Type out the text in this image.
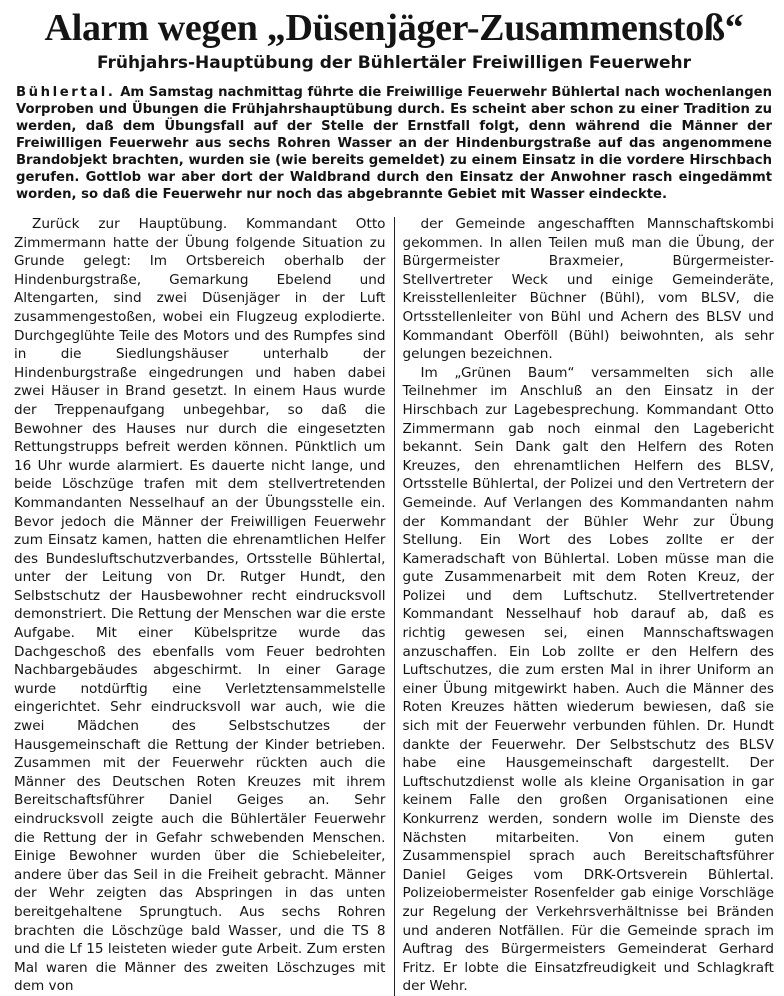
Alarm wegen „Düsenjäger-Zusammenstoß“
Frühjahrs-Hauptübung der Bühlertäler Freiwilligen Feuerwehr
Bühlertal. Am Samstag nachmittag führte die Freiwillige Feuerwehr Bühlertal nach wochenlangen Vorproben und Übungen die Frühjahrshauptübung durch. Es scheint aber schon zu einer Tradition zu werden, daß dem Übungsfall auf der Stelle der Ernstfall folgt, denn während die Männer der Freiwilligen Feuerwehr aus sechs Rohren Wasser an der Hindenburgstraße auf das angenommene Brandobjekt brachten, wurden sie (wie bereits gemeldet) zu einem Einsatz in die vordere Hirschbach gerufen. Gottlob war aber dort der Waldbrand durch den Einsatz der Anwohner rasch eingedämmt worden, so daß die Feuerwehr nur noch das abgebrannte Gebiet mit Wasser eindeckte.

Zurück zur Hauptübung. Kommandant Otto Zimmermann hatte der Übung folgende Situation zu Grunde gelegt: Im Ortsbereich oberhalb der Hindenburgstraße, Gemarkung Ebelend und Altengarten, sind zwei Düsenjäger in der Luft zusammengestoßen, wobei ein Flugzeug explodierte. Durchgeglühte Teile des Motors und des Rumpfes sind in die Siedlungshäuser unterhalb der Hindenburgstraße eingedrungen und haben dabei zwei Häuser in Brand gesetzt. In einem Haus wurde der Treppenaufgang unbegehbar, so daß die Bewohner des Hauses nur durch die eingesetzten Rettungstrupps befreit werden können. Pünktlich um 16 Uhr wurde alarmiert. Es dauerte nicht lange, und beide Löschzüge trafen mit dem stellvertretenden Kommandanten Nesselhauf an der Übungsstelle ein. Bevor jedoch die Männer der Freiwilligen Feuerwehr zum Einsatz kamen, hatten die ehrenamtlichen Helfer des Bundesluftschutzverbandes, Ortsstelle Bühlertal, unter der Leitung von Dr. Rutger Hundt, den Selbstschutz der Hausbewohner recht eindrucksvoll demonstriert. Die Rettung der Menschen war die erste Aufgabe. Mit einer Kübelspritze wurde das Dachgeschoß des ebenfalls vom Feuer bedrohten Nachbargebäudes abgeschirmt. In einer Garage wurde notdürftig eine Verletztensammelstelle eingerichtet. Sehr eindrucksvoll war auch, wie die zwei Mädchen des Selbstschutzes der Hausgemeinschaft die Rettung der Kinder betrieben. Zusammen mit der Feuerwehr rückten auch die Männer des Deutschen Roten Kreuzes mit ihrem Bereitschaftsführer Daniel Geiges an. Sehr eindrucksvoll zeigte auch die Bühlertäler Feuerwehr die Rettung der in Gefahr schwebenden Menschen. Einige Bewohner wurden über die Schiebeleiter, andere über das Seil in die Freiheit gebracht. Männer der Wehr zeigten das Abspringen in das unten bereitgehaltene Sprungtuch. Aus sechs Rohren brachten die Löschzüge bald Wasser, und die TS 8 und die Lf 15 leisteten wieder gute Arbeit. Zum ersten Mal waren die Männer des zweiten Löschzuges mit dem von

der Gemeinde angeschafften Mannschaftskombi gekommen. In allen Teilen muß man die Übung, der Bürgermeister Braxmeier, Bürgermeister-Stellvertreter Weck und einige Gemeinderäte, Kreisstellenleiter Büchner (Bühl), vom BLSV, die Ortsstellenleiter von Bühl und Achern des BLSV und Kommandant Oberföll (Bühl) beiwohnten, als sehr gelungen bezeichnen.

Im „Grünen Baum“ versammelten sich alle Teilnehmer im Anschluß an den Einsatz in der Hirschbach zur Lagebesprechung. Kommandant Otto Zimmermann gab noch einmal den Lagebericht bekannt. Sein Dank galt den Helfern des Roten Kreuzes, den ehrenamtlichen Helfern des BLSV, Ortsstelle Bühlertal, der Polizei und den Vertretern der Gemeinde. Auf Verlangen des Kommandanten nahm der Kommandant der Bühler Wehr zur Übung Stellung. Ein Wort des Lobes zollte er der Kameradschaft von Bühlertal. Loben müsse man die gute Zusammenarbeit mit dem Roten Kreuz, der Polizei und dem Luftschutz. Stellvertretender Kommandant Nesselhauf hob darauf ab, daß es richtig gewesen sei, einen Mannschaftswagen anzuschaffen. Ein Lob zollte er den Helfern des Luftschutzes, die zum ersten Mal in ihrer Uniform an einer Übung mitgewirkt haben. Auch die Männer des Roten Kreuzes hätten wiederum bewiesen, daß sie sich mit der Feuerwehr verbunden fühlen. Dr. Hundt dankte der Feuerwehr. Der Selbstschutz des BLSV habe eine Hausgemeinschaft dargestellt. Der Luftschutzdienst wolle als kleine Organisation in gar keinem Falle den großen Organisationen eine Konkurrenz werden, sondern wolle im Dienste des Nächsten mitarbeiten. Von einem guten Zusammenspiel sprach auch Bereitschaftsführer Daniel Geiges vom DRK-Ortsverein Bühlertal. Polizeiobermeister Rosenfelder gab einige Vorschläge zur Regelung der Verkehrsverhältnisse bei Bränden und anderen Notfällen. Für die Gemeinde sprach im Auftrag des Bürgermeisters Gemeinderat Gerhard Fritz. Er lobte die Einsatzfreudigkeit und Schlagkraft der Wehr.
